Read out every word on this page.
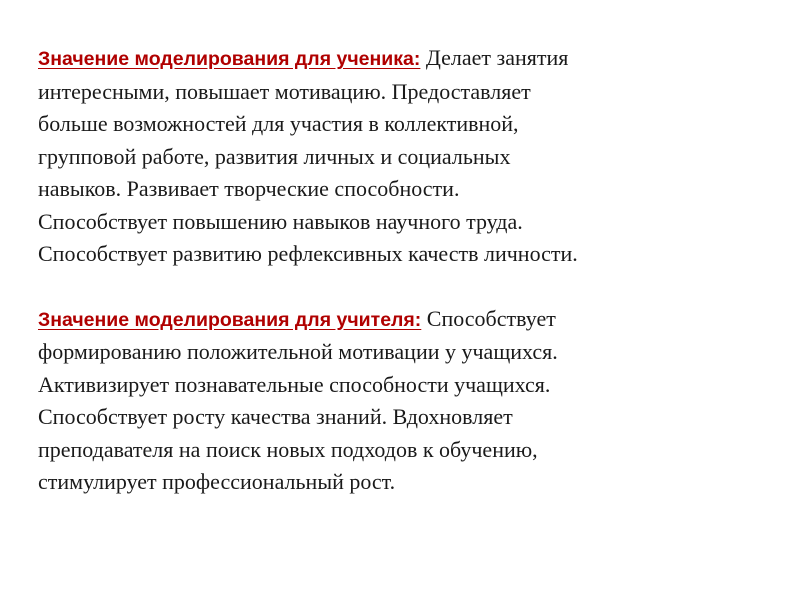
Значение моделирования для ученика: Делает занятия
интересными, повышает мотивацию. Предоставляет
больше возможностей для участия в коллективной,
групповой работе, развития личных и социальных
навыков. Развивает творческие способности.
Способствует повышению навыков научного труда.
Способствует развитию рефлексивных качеств личности.

Значение моделирования для учителя: Способствует
формированию положительной мотивации у учащихся.
Активизирует познавательные способности учащихся.
Способствует росту качества знаний. Вдохновляет
преподавателя на поиск новых подходов к обучению,
стимулирует профессиональный рост.
